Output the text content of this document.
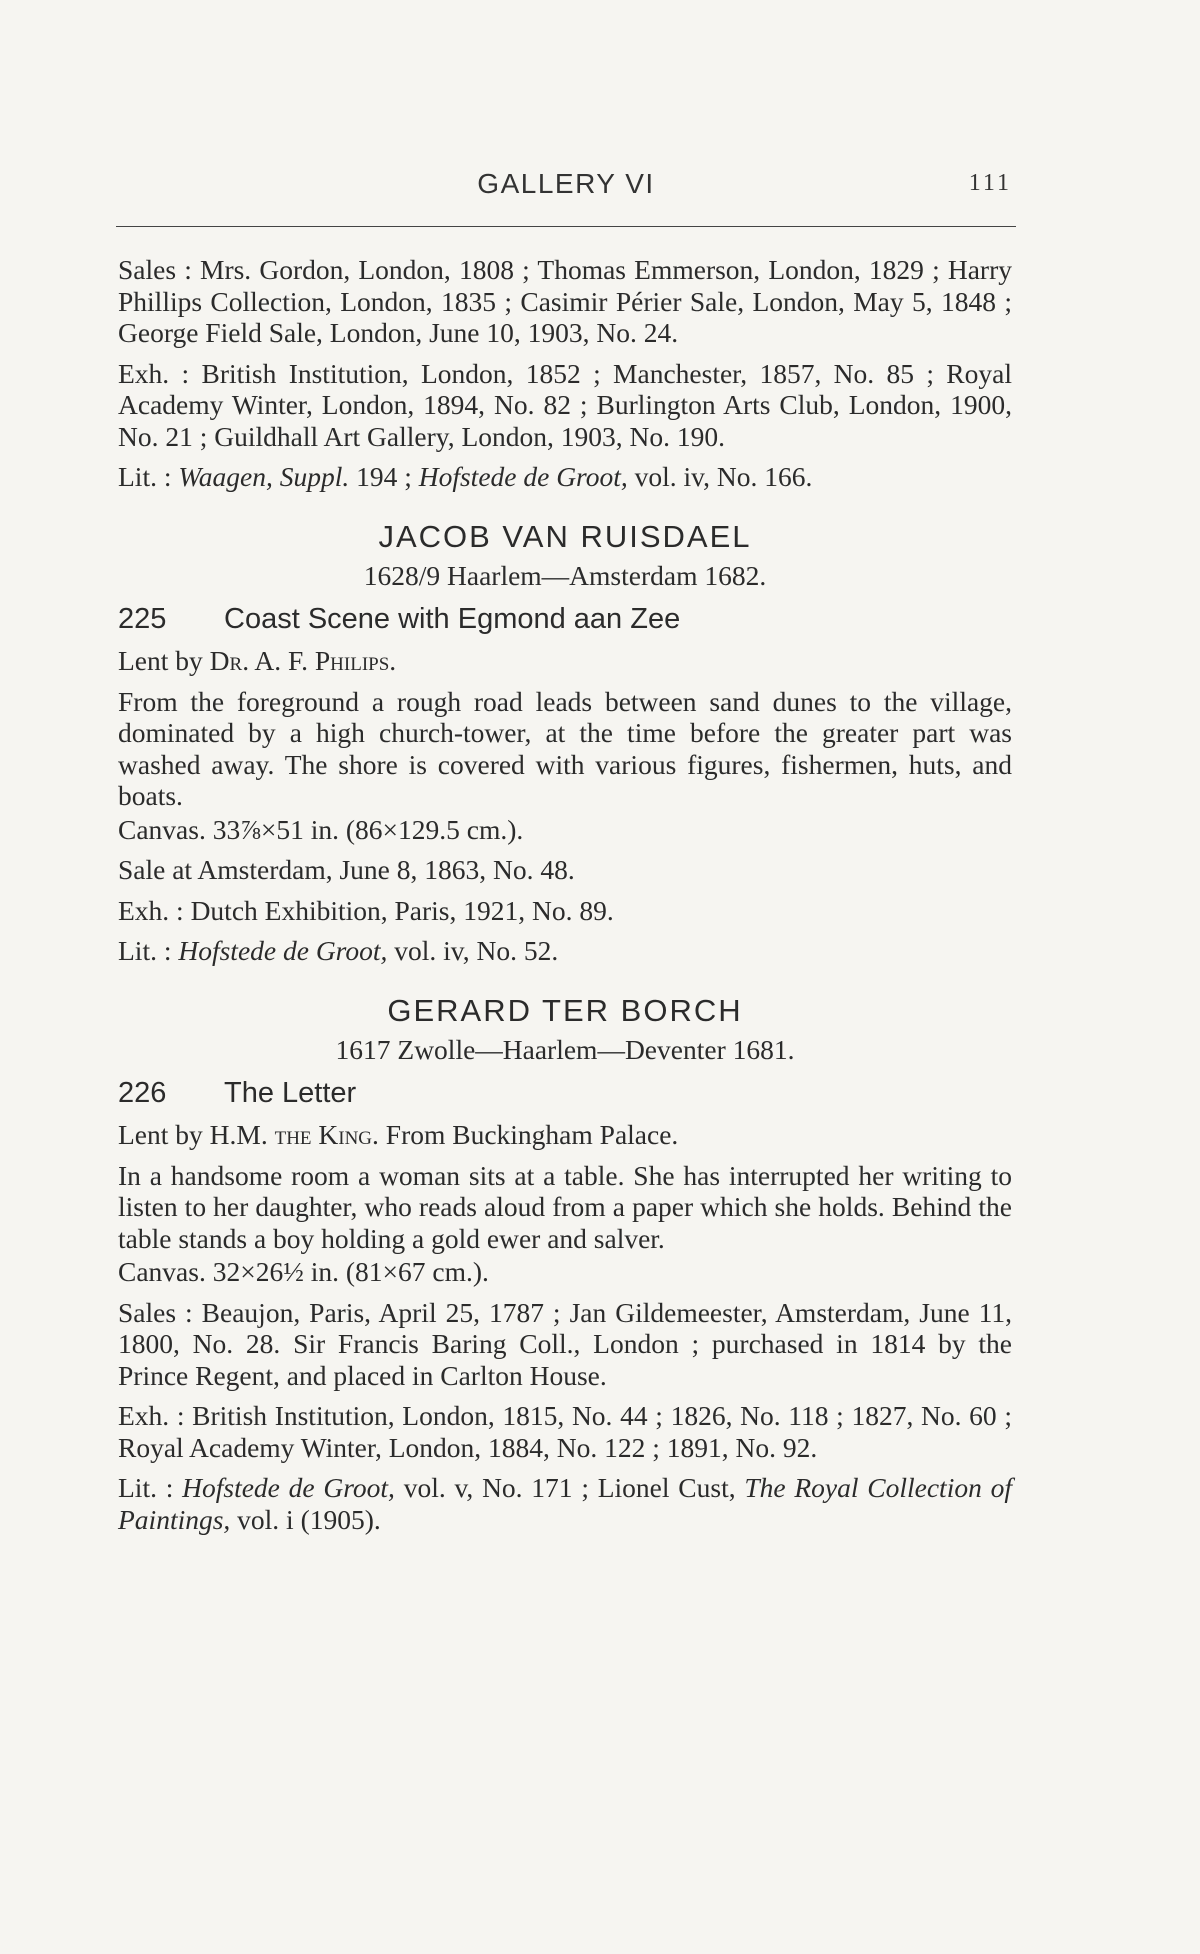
GALLERY VI	111

Sales : Mrs. Gordon, London, 1808 ; Thomas Emmerson, London, 1829 ; Harry Phillips Collection, London, 1835 ; Casimir Périer Sale, London, May 5, 1848 ; George Field Sale, London, June 10, 1903, No. 24.

Exh. : British Institution, London, 1852 ; Manchester, 1857, No. 85 ; Royal Academy Winter, London, 1894, No. 82 ; Burlington Arts Club, London, 1900, No. 21 ; Guildhall Art Gallery, London, 1903, No. 190.

Lit. : Waagen, Suppl. 194 ; Hofstede de Groot, vol. iv, No. 166.

JACOB VAN RUISDAEL
1628/9 Haarlem—Amsterdam 1682.
225 Coast Scene with Egmond aan Zee

Lent by Dr. A. F. Philips.

From the foreground a rough road leads between sand dunes to the village, dominated by a high church-tower, at the time before the greater part was washed away. The shore is covered with various figures, fishermen, huts, and boats.

Canvas. 33⅞×51 in. (86×129.5 cm.).

Sale at Amsterdam, June 8, 1863, No. 48.

Exh. : Dutch Exhibition, Paris, 1921, No. 89.

Lit. : Hofstede de Groot, vol. iv, No. 52.

GERARD TER BORCH
1617 Zwolle—Haarlem—Deventer 1681.
226 The Letter

Lent by H.M. the King. From Buckingham Palace.

In a handsome room a woman sits at a table. She has interrupted her writing to listen to her daughter, who reads aloud from a paper which she holds. Behind the table stands a boy holding a gold ewer and salver.

Canvas. 32×26½ in. (81×67 cm.).

Sales : Beaujon, Paris, April 25, 1787 ; Jan Gildemeester, Amsterdam, June 11, 1800, No. 28. Sir Francis Baring Coll., London ; purchased in 1814 by the Prince Regent, and placed in Carlton House.

Exh. : British Institution, London, 1815, No. 44 ; 1826, No. 118 ; 1827, No. 60 ; Royal Academy Winter, London, 1884, No. 122 ; 1891, No. 92.

Lit. : Hofstede de Groot, vol. v, No. 171 ; Lionel Cust, The Royal Collection of Paintings, vol. i (1905).
